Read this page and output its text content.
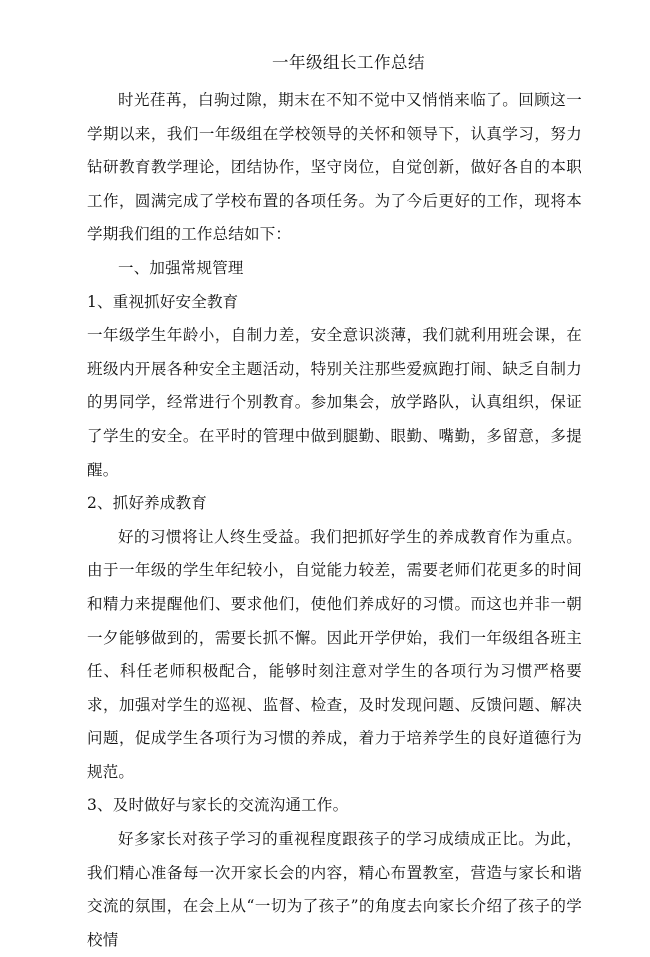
一年级组长工作总结

时光荏苒，白驹过隙，期末在不知不觉中又悄悄来临了。回顾这一学期以来，我们一年级组在学校领导的关怀和领导下，认真学习，努力钻研教育教学理论，团结协作，坚守岗位，自觉创新，做好各自的本职工作，圆满完成了学校布置的各项任务。为了今后更好的工作，现将本学期我们组的工作总结如下：

一、加强常规管理

1、重视抓好安全教育

一年级学生年龄小，自制力差，安全意识淡薄，我们就利用班会课，在班级内开展各种安全主题活动，特别关注那些爱疯跑打闹、缺乏自制力的男同学，经常进行个别教育。参加集会，放学路队，认真组织，保证了学生的安全。在平时的管理中做到腿勤、眼勤、嘴勤，多留意，多提醒。

2、抓好养成教育

好的习惯将让人终生受益。我们把抓好学生的养成教育作为重点。由于一年级的学生年纪较小，自觉能力较差，需要老师们花更多的时间和精力来提醒他们、要求他们，使他们养成好的习惯。而这也并非一朝一夕能够做到的，需要长抓不懈。因此开学伊始，我们一年级组各班主任、科任老师积极配合，能够时刻注意对学生的各项行为习惯严格要求，加强对学生的巡视、监督、检查，及时发现问题、反馈问题、解决问题，促成学生各项行为习惯的养成，着力于培养学生的良好道德行为规范。

3、及时做好与家长的交流沟通工作。

好多家长对孩子学习的重视程度跟孩子的学习成绩成正比。为此，我们精心准备每一次开家长会的内容，精心布置教室，营造与家长和谐交流的氛围，在会上从“一切为了孩子”的角度去向家长介绍了孩子的学校情
